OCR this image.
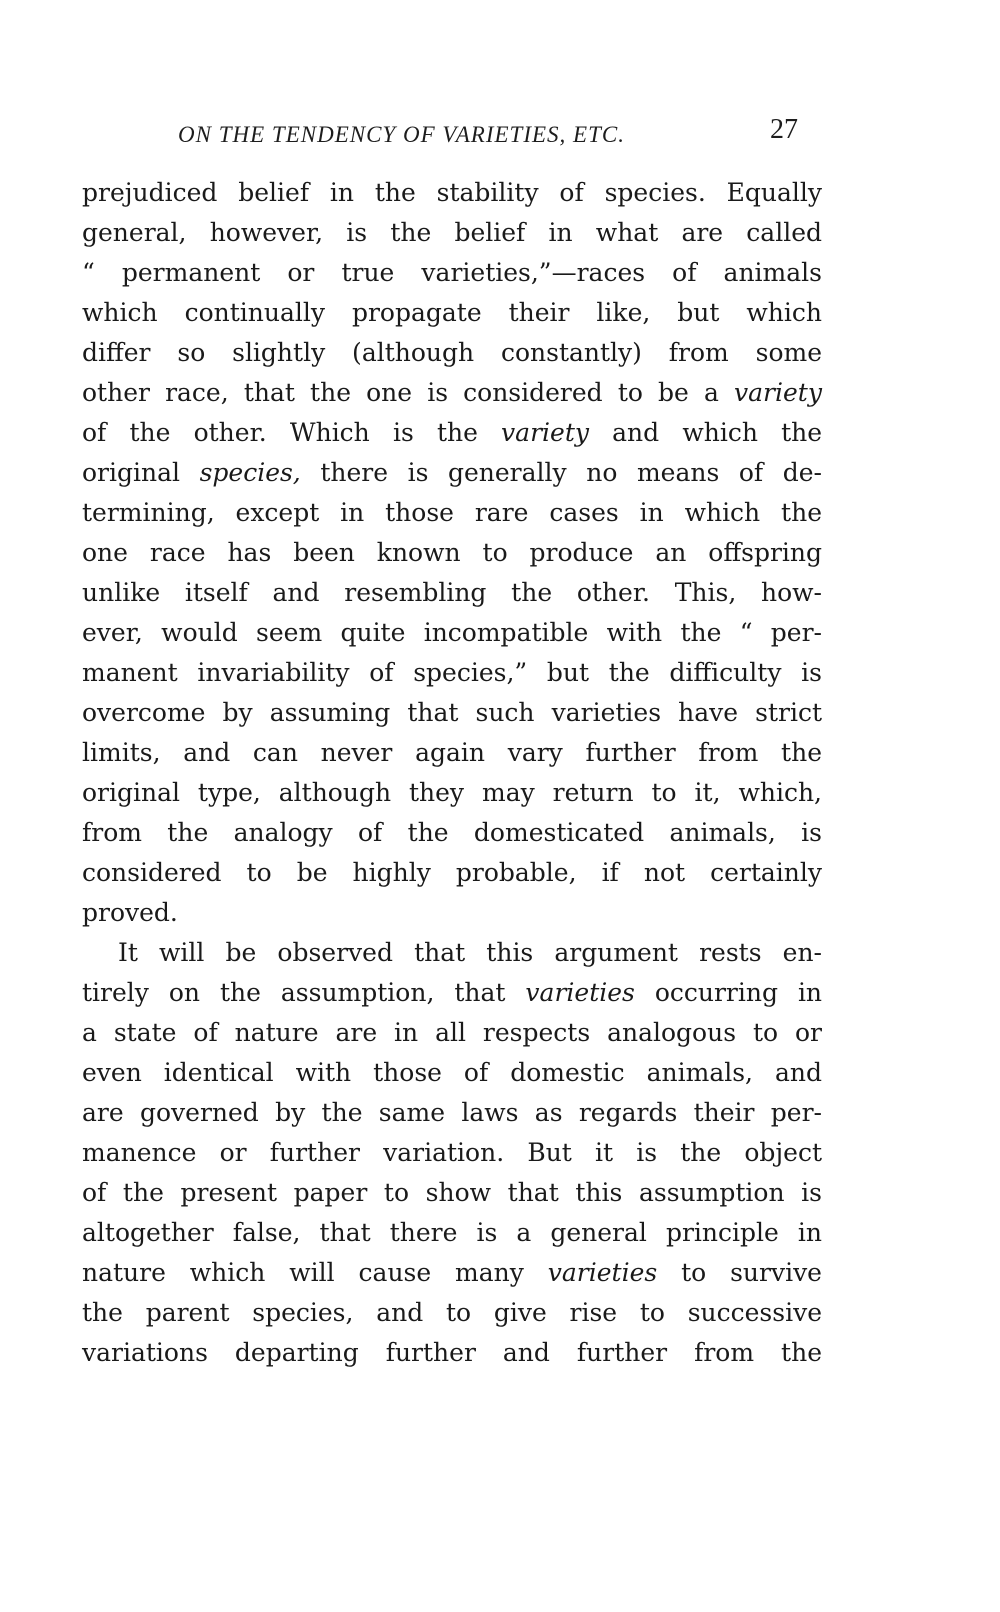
ON THE TENDENCY OF VARIETIES, ETC.	27
prejudiced belief in the stability of species. Equally
general, however, is the belief in what are called
“ permanent or true varieties,”—races of animals
which continually propagate their like, but which
differ so slightly (although constantly) from some
other race, that the one is considered to be a variety
of the other. Which is the variety and which the
original species, there is generally no means of de-
termining, except in those rare cases in which the
one race has been known to produce an offspring
unlike itself and resembling the other. This, how-
ever, would seem quite incompatible with the “ per-
manent invariability of species,” but the difficulty is
overcome by assuming that such varieties have strict
limits, and can never again vary further from the
original type, although they may return to it, which,
from the analogy of the domesticated animals, is
considered to be highly probable, if not certainly
proved.
It will be observed that this argument rests en-
tirely on the assumption, that varieties occurring in
a state of nature are in all respects analogous to or
even identical with those of domestic animals, and
are governed by the same laws as regards their per-
manence or further variation. But it is the object
of the present paper to show that this assumption is
altogether false, that there is a general principle in
nature which will cause many varieties to survive
the parent species, and to give rise to successive
variations departing further and further from the
